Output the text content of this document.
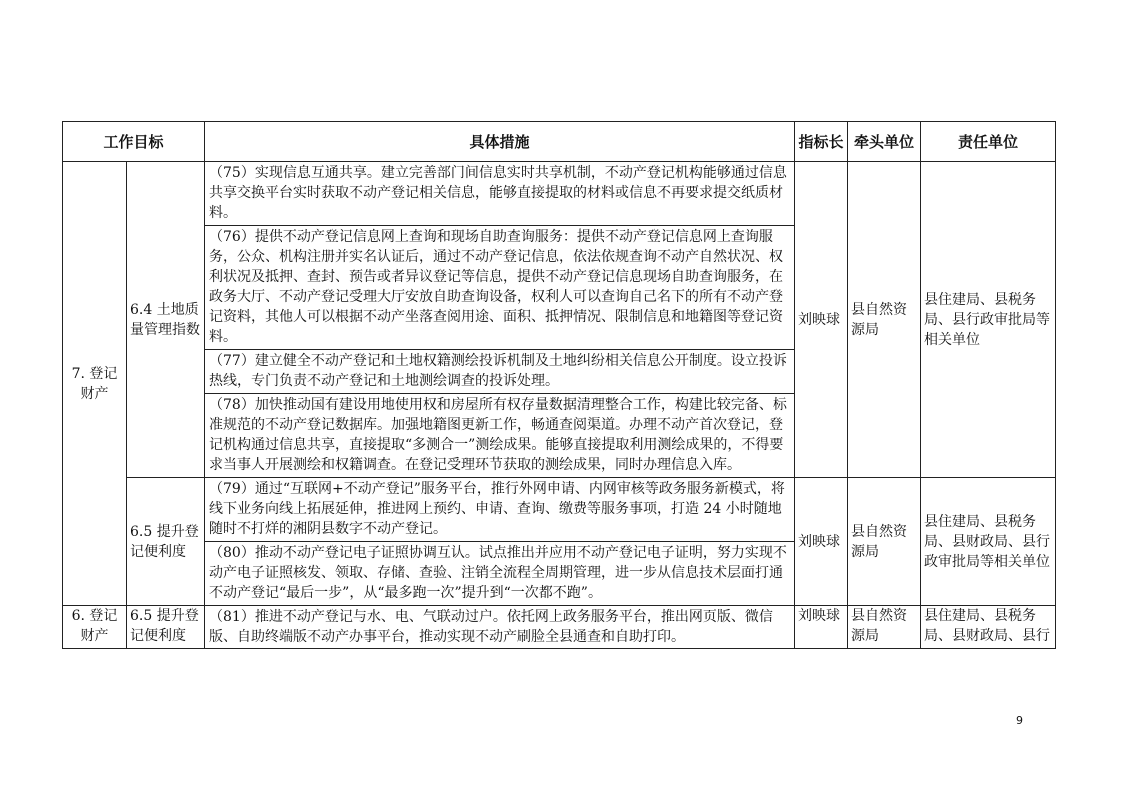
工作目标		具体措施	指标长	牵头单位	责任单位
7. 登记财产	6.4 土地质量管理指数	（75）实现信息互通共享。建立完善部门间信息实时共享机制，不动产登记机构能够通过信息共享交换平台实时获取不动产登记相关信息，能够直接提取的材料或信息不再要求提交纸质材料。	刘映球	县自然资源局	县住建局、县税务局、县行政审批局等相关单位
		（76）提供不动产登记信息网上查询和现场自助查询服务：提供不动产登记信息网上查询服务，公众、机构注册并实名认证后，通过不动产登记信息，依法依规查询不动产自然状况、权利状况及抵押、查封、预告或者异议登记等信息，提供不动产登记信息现场自助查询服务，在政务大厅、不动产登记受理大厅安放自助查询设备，权利人可以查询自己名下的所有不动产登记资料，其他人可以根据不动产坐落查阅用途、面积、抵押情况、限制信息和地籍图等登记资料。			
		（77）建立健全不动产登记和土地权籍测绘投诉机制及土地纠纷相关信息公开制度。设立投诉热线，专门负责不动产登记和土地测绘调查的投诉处理。			
		（78）加快推动国有建设用地使用权和房屋所有权存量数据清理整合工作，构建比较完备、标准规范的不动产登记数据库。加强地籍图更新工作，畅通查阅渠道。办理不动产首次登记，登记机构通过信息共享，直接提取“多测合一”测绘成果。能够直接提取利用测绘成果的，不得要求当事人开展测绘和权籍调查。在登记受理环节获取的测绘成果，同时办理信息入库。			
	6.5 提升登记便利度	（79）通过“互联网+不动产登记”服务平台，推行外网申请、内网审核等政务服务新模式，将线下业务向线上拓展延伸，推进网上预约、申请、查询、缴费等服务事项，打造 24 小时随地随时不打烊的湘阴县数字不动产登记。	刘映球	县自然资源局	县住建局、县税务局、县财政局、县行政审批局等相关单位
		（80）推动不动产登记电子证照协调互认。试点推出并应用不动产登记电子证明，努力实现不动产电子证照核发、领取、存储、查验、注销全流程全周期管理，进一步从信息技术层面打通不动产登记“最后一步”，从“最多跑一次”提升到“一次都不跑”。			
6. 登记财产	6.5 提升登记便利度	（81）推进不动产登记与水、电、气联动过户。依托网上政务服务平台，推出网页版、微信版、自助终端版不动产办事平台，推动实现不动产刷脸全县通查和自助打印。	刘映球	县自然资源局	县住建局、县税务局、县财政局、县行
9
